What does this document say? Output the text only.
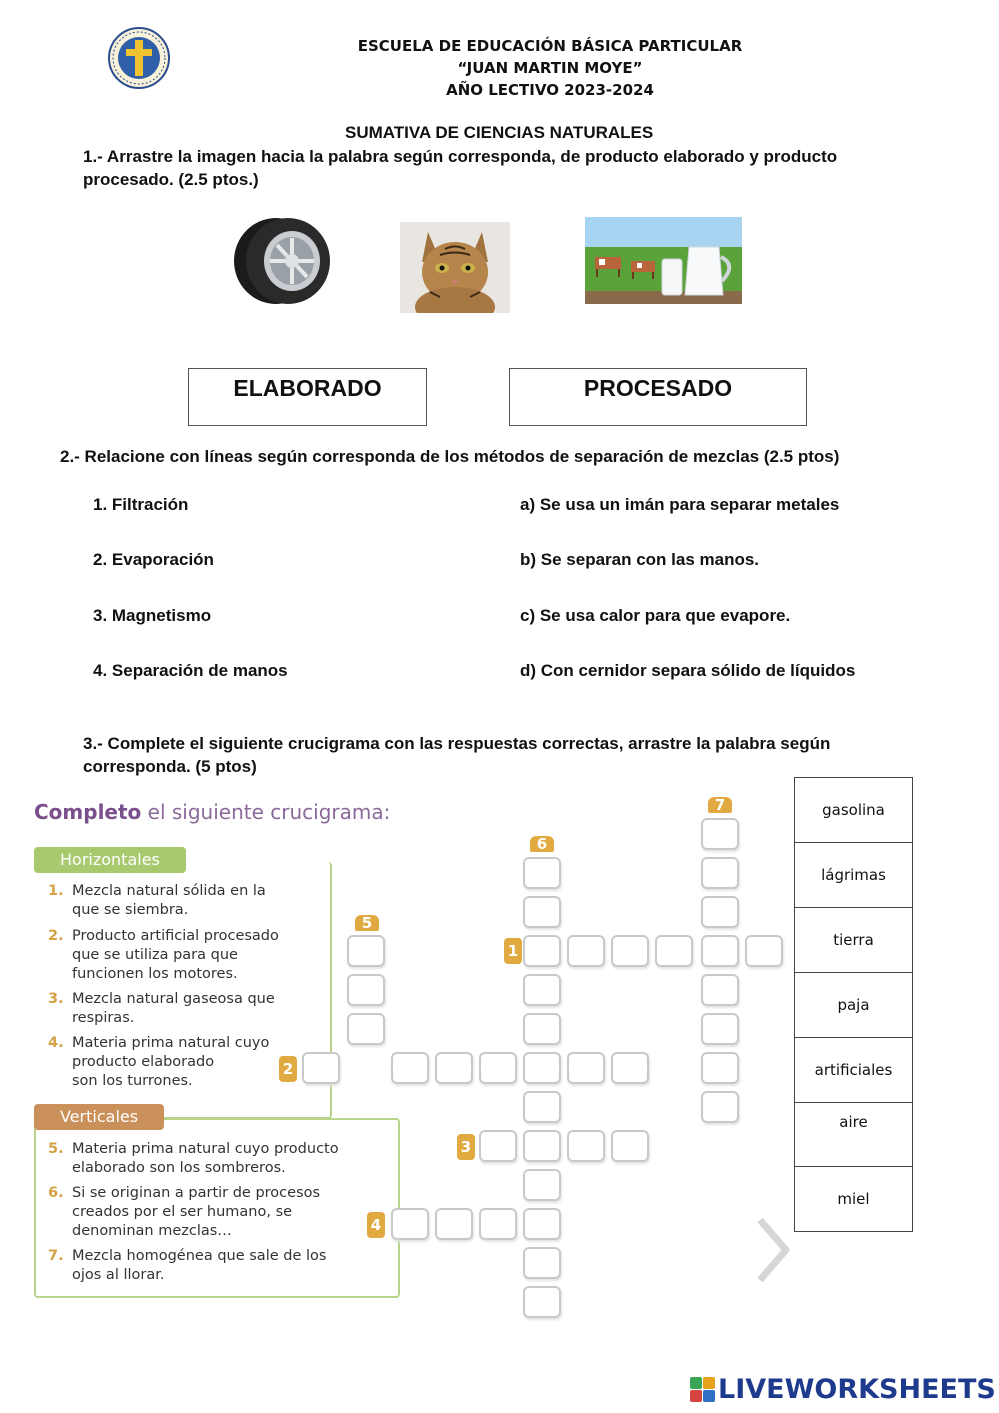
ESCUELA DE EDUCACIÓN BÁSICA PARTICULAR
“JUAN MARTIN MOYE”
AÑO LECTIVO 2023-2024
SUMATIVA DE CIENCIAS NATURALES
1.- Arrastre la imagen hacia la palabra según corresponda, de producto elaborado y producto
procesado. (2.5 ptos.)
ELABORADO	PROCESADO
2.- Relacione con líneas según corresponda de los métodos de separación de mezclas (2.5 ptos)
1. Filtración
2. Evaporación
3. Magnetismo
4. Separación de manos
a) Se usa un imán para separar metales
b) Se separan con las manos.
c) Se usa calor para que evapore.
d) Con cernidor separa sólido de líquidos
3.- Complete el siguiente crucigrama con las respuestas correctas, arrastre la palabra según
corresponda. (5 ptos)
Completo el siguiente crucigrama:
Horizontales
1. Mezcla natural sólida en la
que se siembra.
2. Producto artificial procesado
que se utiliza para que
funcionen los motores.
3. Mezcla natural gaseosa que
respiras.
4. Materia prima natural cuyo
producto elaborado
son los turrones.
Verticales
5. Materia prima natural cuyo producto
elaborado son los sombreros.
6. Si se originan a partir de procesos
creados por el ser humano, se
denominan mezclas…
7. Mezcla homogénea que sale de los
ojos al llorar.
1
2
3
4
5
6
7	gasolina
lágrimas
tierra
paja
artificiales
aire
miel
LIVEWORKSHEETS
